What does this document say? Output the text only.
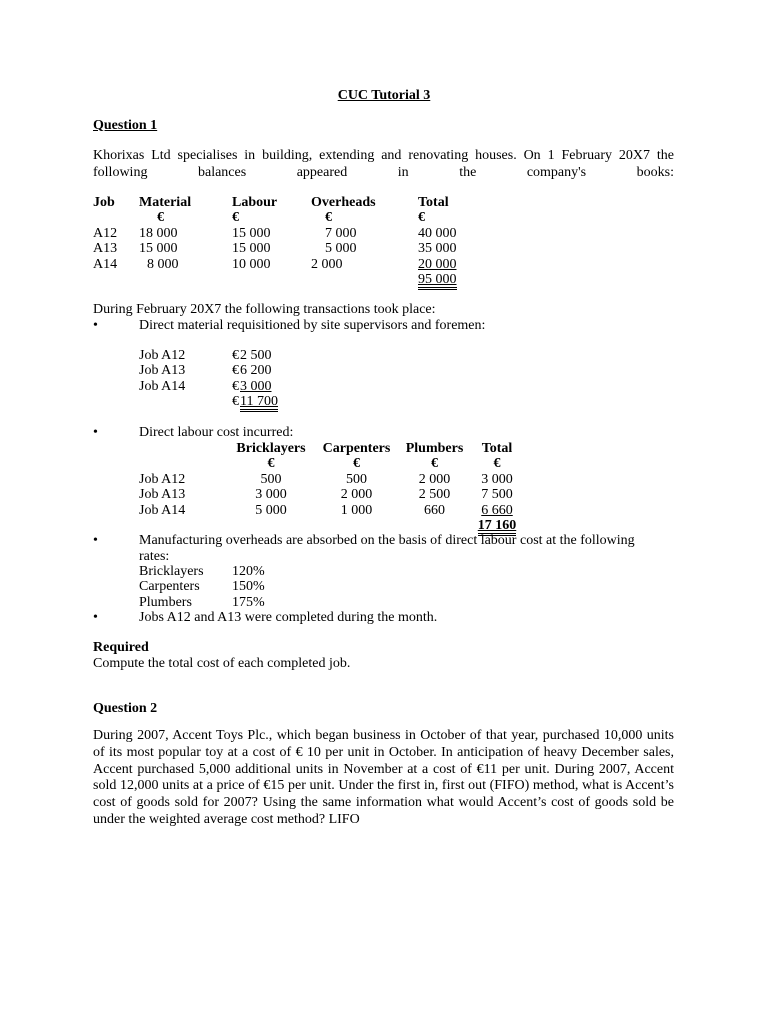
CUC Tutorial 3
Question 1
Khorixas Ltd specialises in building, extending and renovating houses. On 1 February 20X7 the following balances appeared in the company's books:
Job	Material	Labour	Overheads	Total
	€	€	€	€
A12	18 000	15 000	7 000	40 000
A13	15 000	15 000	5 000	35 000
A14	8 000	10 000	2 000	20 000
				95 000
During February 20X7 the following transactions took place:
•	Direct material requisitioned by site supervisors and foremen:
Job A12	€	2 500
Job A13	€	6 200
Job A14	€	3 000
	€	11 700
•	Direct labour cost incurred:
	Bricklayers	Carpenters	Plumbers	Total
	€	€	€	€
Job A12	500	500	2 000	3 000
Job A13	3 000	2 000	2 500	7 500
Job A14	5 000	1 000	660	6 660
				17 160
•	Manufacturing overheads are absorbed on the basis of direct labour cost at the following
rates:
Bricklayers	120%
Carpenters	150%
Plumbers	175%
•	Jobs A12 and A13 were completed during the month.
Required
Compute the total cost of each completed job.
Question 2
During 2007, Accent Toys Plc., which began business in October of that year, purchased 10,000 units of its most popular toy at a cost of € 10 per unit in October. In anticipation of heavy December sales, Accent purchased 5,000 additional units in November at a cost of €11 per unit. During 2007, Accent sold 12,000 units at a price of €15 per unit. Under the first in, first out (FIFO) method, what is Accent’s cost of goods sold for 2007? Using the same information what would Accent’s cost of goods sold be under the weighted average cost method? LIFO
